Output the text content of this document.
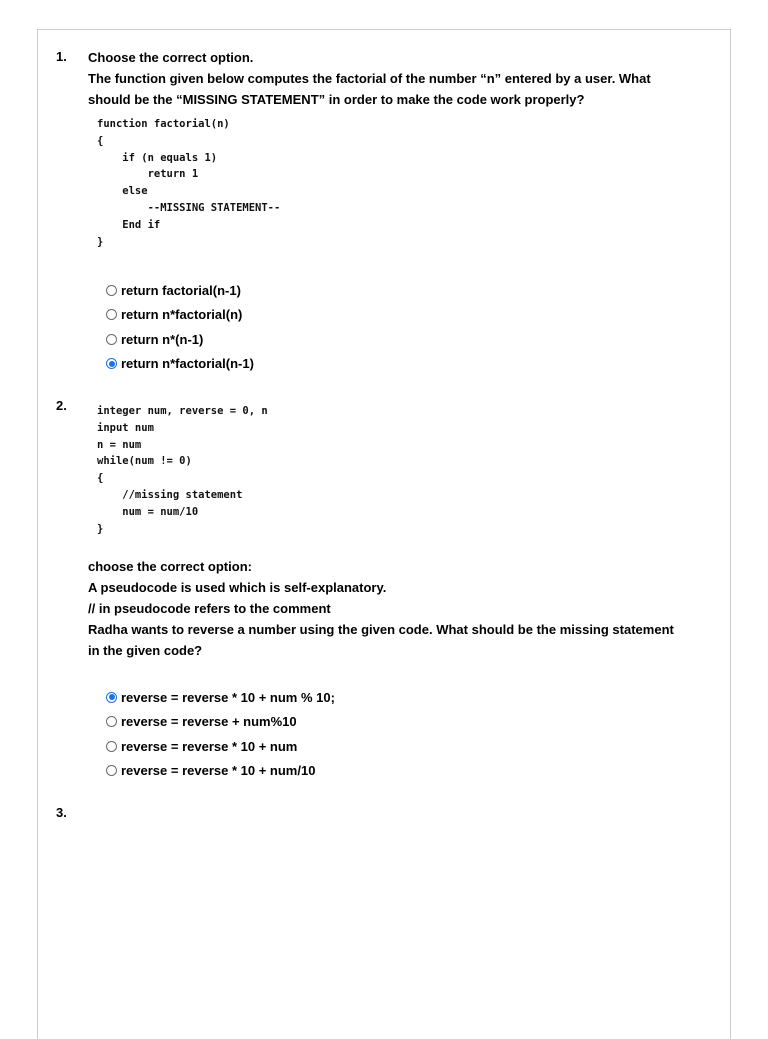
1. Choose the correct option.
The function given below computes the factorial of the number “n” entered by a user. What
should be the “MISSING STATEMENT” in order to make the code work properly?
function factorial(n)
{
if (n equals 1)
return 1
else
--MISSING STATEMENT--
End if
}
return factorial(n-1)
return n*factorial(n)
return n*(n-1)
return n*factorial(n-1)
2.	integer num, reverse = 0, n
input num
n = num
while(num != 0)
{
//missing statement
num = num/10
}
choose the correct option:
A pseudocode is used which is self-explanatory.
// in pseudocode refers to the comment
Radha wants to reverse a number using the given code. What should be the missing statement
in the given code?
reverse = reverse * 10 + num % 10;
reverse = reverse + num%10
reverse = reverse * 10 + num
reverse = reverse * 10 + num/10
3.
